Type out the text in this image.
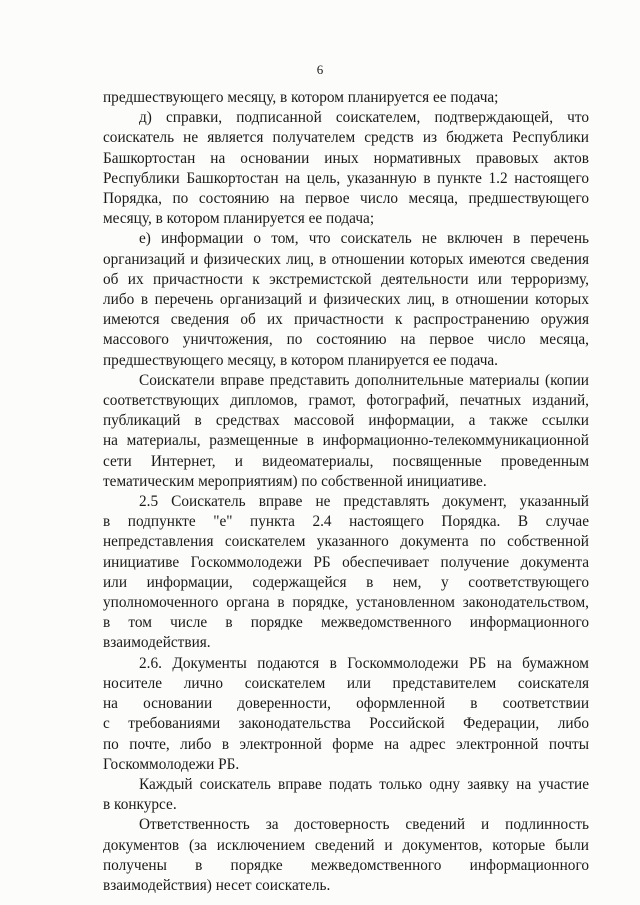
6
предшествующего месяцу, в котором планируется ее подача;
д) справки, подписанной соискателем, подтверждающей, что
соискатель не является получателем средств из бюджета Республики
Башкортостан на основании иных нормативных правовых актов
Республики Башкортостан на цель, указанную в пункте 1.2 настоящего
Порядка, по состоянию на первое число месяца, предшествующего
месяцу, в котором планируется ее подача;
е) информации о том, что соискатель не включен в перечень
организаций и физических лиц, в отношении которых имеются сведения
об их причастности к экстремистской деятельности или терроризму,
либо в перечень организаций и физических лиц, в отношении которых
имеются сведения об их причастности к распространению оружия
массового уничтожения, по состоянию на первое число месяца,
предшествующего месяцу, в котором планируется ее подача.
Соискатели вправе представить дополнительные материалы (копии
соответствующих дипломов, грамот, фотографий, печатных изданий,
публикаций в средствах массовой информации, а также ссылки
на материалы, размещенные в информационно-телекоммуникационной
сети Интернет, и видеоматериалы, посвященные проведенным
тематическим мероприятиям) по собственной инициативе.
2.5 Соискатель вправе не представлять документ, указанный
в подпункте "е" пункта 2.4 настоящего Порядка. В случае
непредставления соискателем указанного документа по собственной
инициативе Госкоммолодежи РБ обеспечивает получение документа
или информации, содержащейся в нем, у соответствующего
уполномоченного органа в порядке, установленном законодательством,
в том числе в порядке межведомственного информационного
взаимодействия.
2.6. Документы подаются в Госкоммолодежи РБ на бумажном
носителе лично соискателем или представителем соискателя
на основании доверенности, оформленной в соответствии
с требованиями законодательства Российской Федерации, либо
по почте, либо в электронной форме на адрес электронной почты
Госкоммолодежи РБ.
Каждый соискатель вправе подать только одну заявку на участие
в конкурсе.
Ответственность за достоверность сведений и подлинность
документов (за исключением сведений и документов, которые были
получены в порядке межведомственного информационного
взаимодействия) несет соискатель.
